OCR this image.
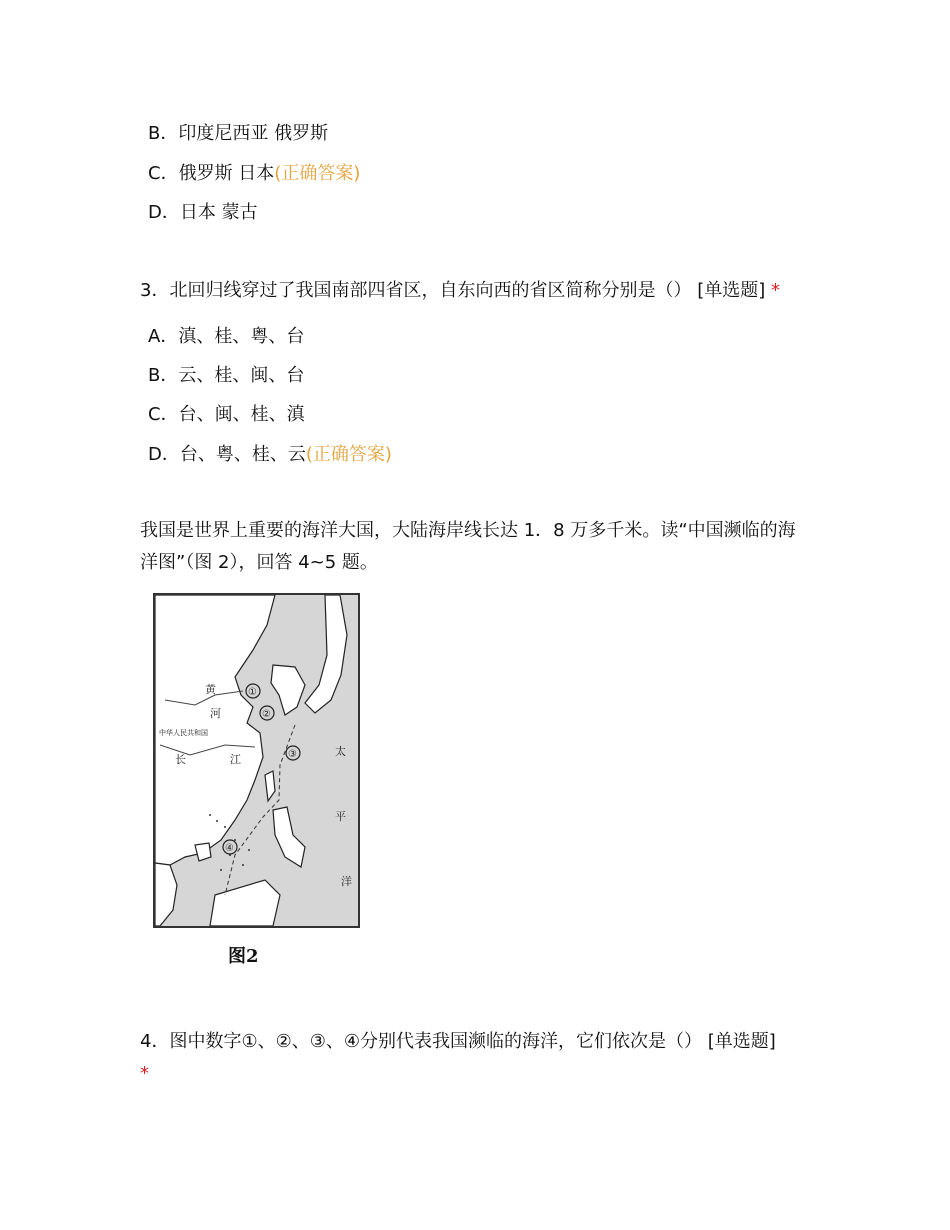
B．印度尼西亚 俄罗斯
C．俄罗斯 日本(正确答案)
D．日本 蒙古
3．北回归线穿过了我国南部四省区，自东向西的省区简称分别是（） [单选题] *
A．滇、桂、粤、台
B．云、桂、闽、台
C．台、闽、桂、滇
D．台、粤、桂、云(正确答案)
我国是世界上重要的海洋大国，大陆海岸线长达 1．8 万多千米。读“中国濒临的海
洋图”（图 2），回答 4~5 题。
黄
河
中华人民共和国
长	江
太
平
洋
①
②
③
④
图2
4．图中数字①、②、③、④分别代表我国濒临的海洋，它们依次是（） [单选题]
*
